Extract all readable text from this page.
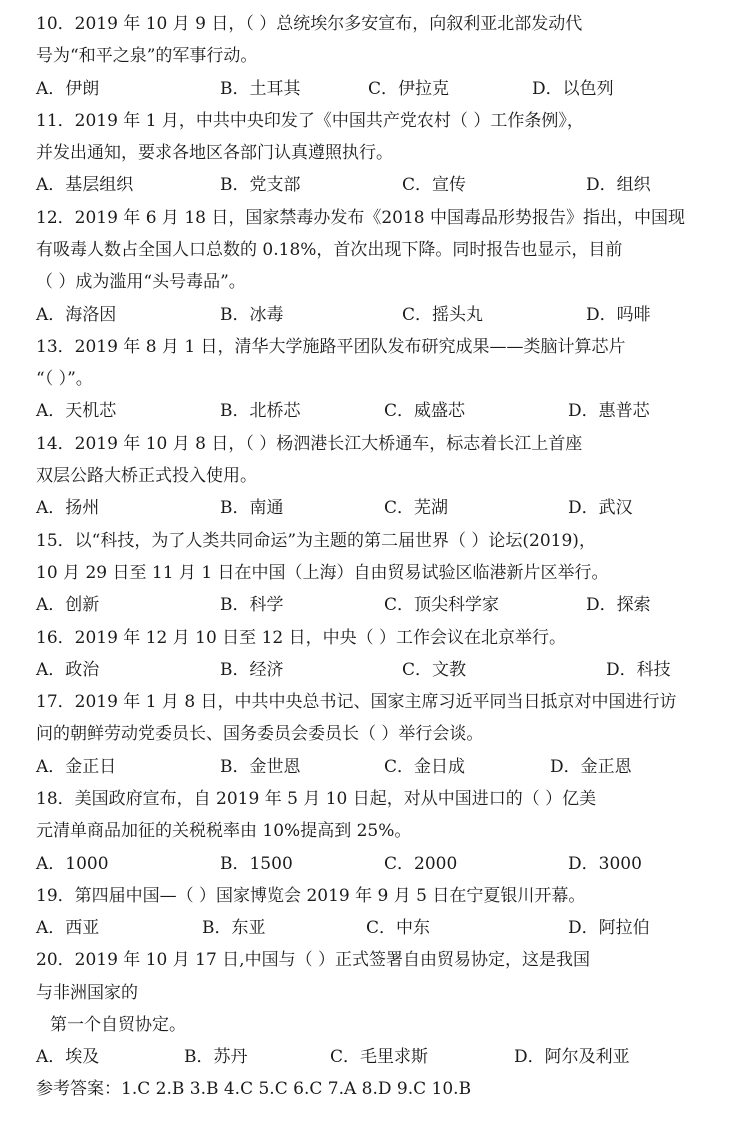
10．2019 年 10 月 9 日，（ ）总统埃尔多安宣布，向叙利亚北部发动代
号为“和平之泉”的军事行动。
A．伊朗	B．土耳其	C．伊拉克	D．以色列
11．2019 年 1 月，中共中央印发了《中国共产党农村（ ）工作条例》，
并发出通知，要求各地区各部门认真遵照执行。
A．基层组织	B．党支部	C．宣传	D．组织
12．2019 年 6 月 18 日，国家禁毒办发布《2018 中国毒品形势报告》指出，中国现
有吸毒人数占全国人口总数的 0.18%，首次出现下降。同时报告也显示，目前
（ ）成为滥用“头号毒品”。
A．海洛因	B．冰毒	C．摇头丸	D．吗啡
13．2019 年 8 月 1 日，清华大学施路平团队发布研究成果——类脑计算芯片
“（ ）”。
A．天机芯	B．北桥芯	C．威盛芯	D．惠普芯
14．2019 年 10 月 8 日，（ ）杨泗港长江大桥通车，标志着长江上首座
双层公路大桥正式投入使用。
A．扬州	B．南通	C．芜湖	D．武汉
15．以“科技，为了人类共同命运”为主题的第二届世界（ ）论坛(2019)，
10 月 29 日至 11 月 1 日在中国（上海）自由贸易试验区临港新片区举行。
A．创新	B．科学	C．顶尖科学家	D．探索
16．2019 年 12 月 10 日至 12 日，中央（ ）工作会议在北京举行。
A．政治	B．经济	C．文教	D．科技
17．2019 年 1 月 8 日，中共中央总书记、国家主席习近平同当日抵京对中国进行访
问的朝鲜劳动党委员长、国务委员会委员长（ ）举行会谈。
A．金正日	B．金世恩	C．金日成	D．金正恩
18．美国政府宣布，自 2019 年 5 月 10 日起，对从中国进口的（ ）亿美
元清单商品加征的关税税率由 10%提高到 25%。
A．1000	B．1500	C．2000	D．3000
19．第四届中国—（ ）国家博览会 2019 年 9 月 5 日在宁夏银川开幕。
A．西亚	B．东亚	C．中东	D．阿拉伯
20．2019 年 10 月 17 日,中国与（ ）正式签署自由贸易协定，这是我国
与非洲国家的
第一个自贸协定。
A．埃及	B．苏丹	C．毛里求斯	D．阿尔及利亚
参考答案：1.C 2.B 3.B 4.C 5.C 6.C 7.A 8.D 9.C 10.B
